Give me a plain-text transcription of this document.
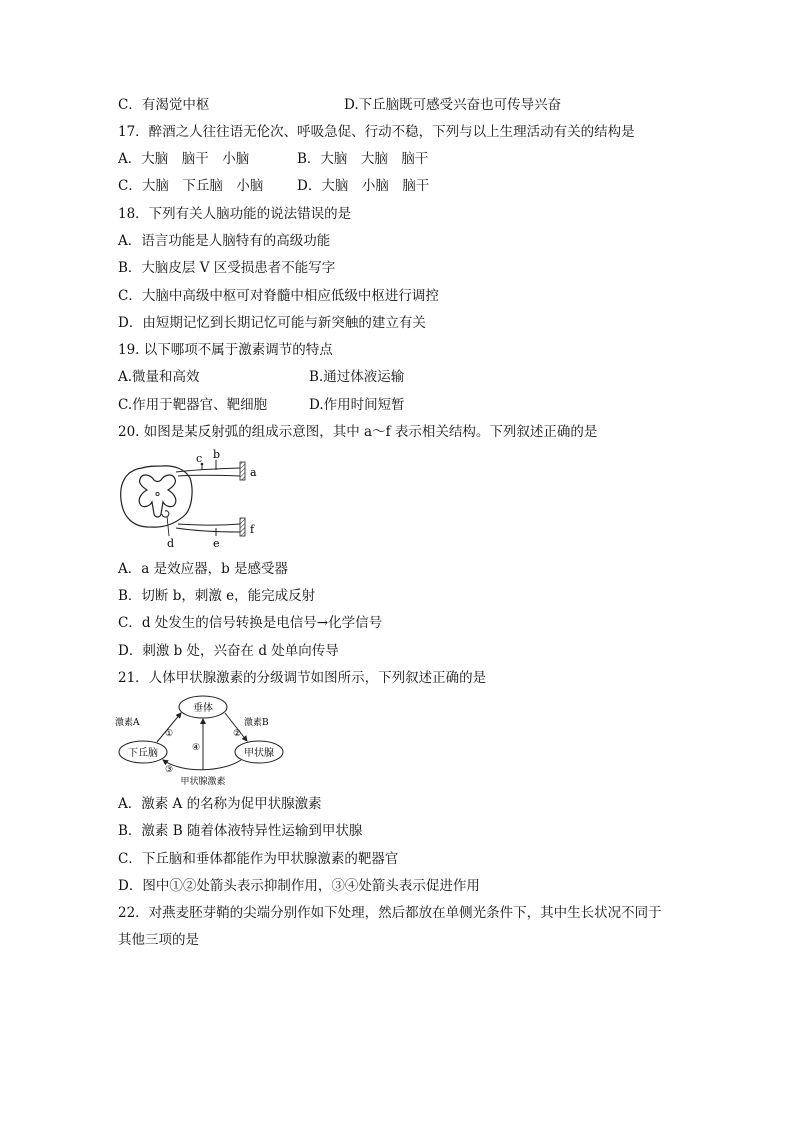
C．有渴觉中枢	D.下丘脑既可感受兴奋也可传导兴奋
17．醉酒之人往往语无伦次、呼吸急促、行动不稳，下列与以上生理活动有关的结构是
A．大脑　脑干　小脑	B．大脑　大脑　脑干
C．大脑　下丘脑　小脑 D．大脑　小脑　脑干
18．下列有关人脑功能的说法错误的是
A．语言功能是人脑特有的高级功能
B．大脑皮层 V 区受损患者不能写字
C．大脑中高级中枢可对脊髓中相应低级中枢进行调控
D．由短期记忆到长期记忆可能与新突触的建立有关
19. 以下哪项不属于激素调节的特点
A.微量和高效	B.通过体液运输
C.作用于靶器官、靶细胞	D.作用时间短暂
20. 如图是某反射弧的组成示意图，其中 a～f 表示相关结构。下列叙述正确的是
a
b
c
d	e
f
A．a 是效应器，b 是感受器
B．切断 b，刺激 e，能完成反射
C．d 处发生的信号转换是电信号→化学信号
D．刺激 b 处，兴奋在 d 处单向传导
21．人体甲状腺激素的分级调节如图所示，下列叙述正确的是
垂体
下丘脑	甲状腺
激素A	激素B
①	②
③
④
甲状腺激素
A．激素 A 的名称为促甲状腺激素
B．激素 B 随着体液特异性运输到甲状腺
C．下丘脑和垂体都能作为甲状腺激素的靶器官
D．图中①②处箭头表示抑制作用，③④处箭头表示促进作用
22．对燕麦胚芽鞘的尖端分别作如下处理，然后都放在单侧光条件下，其中生长状况不同于
其他三项的是
